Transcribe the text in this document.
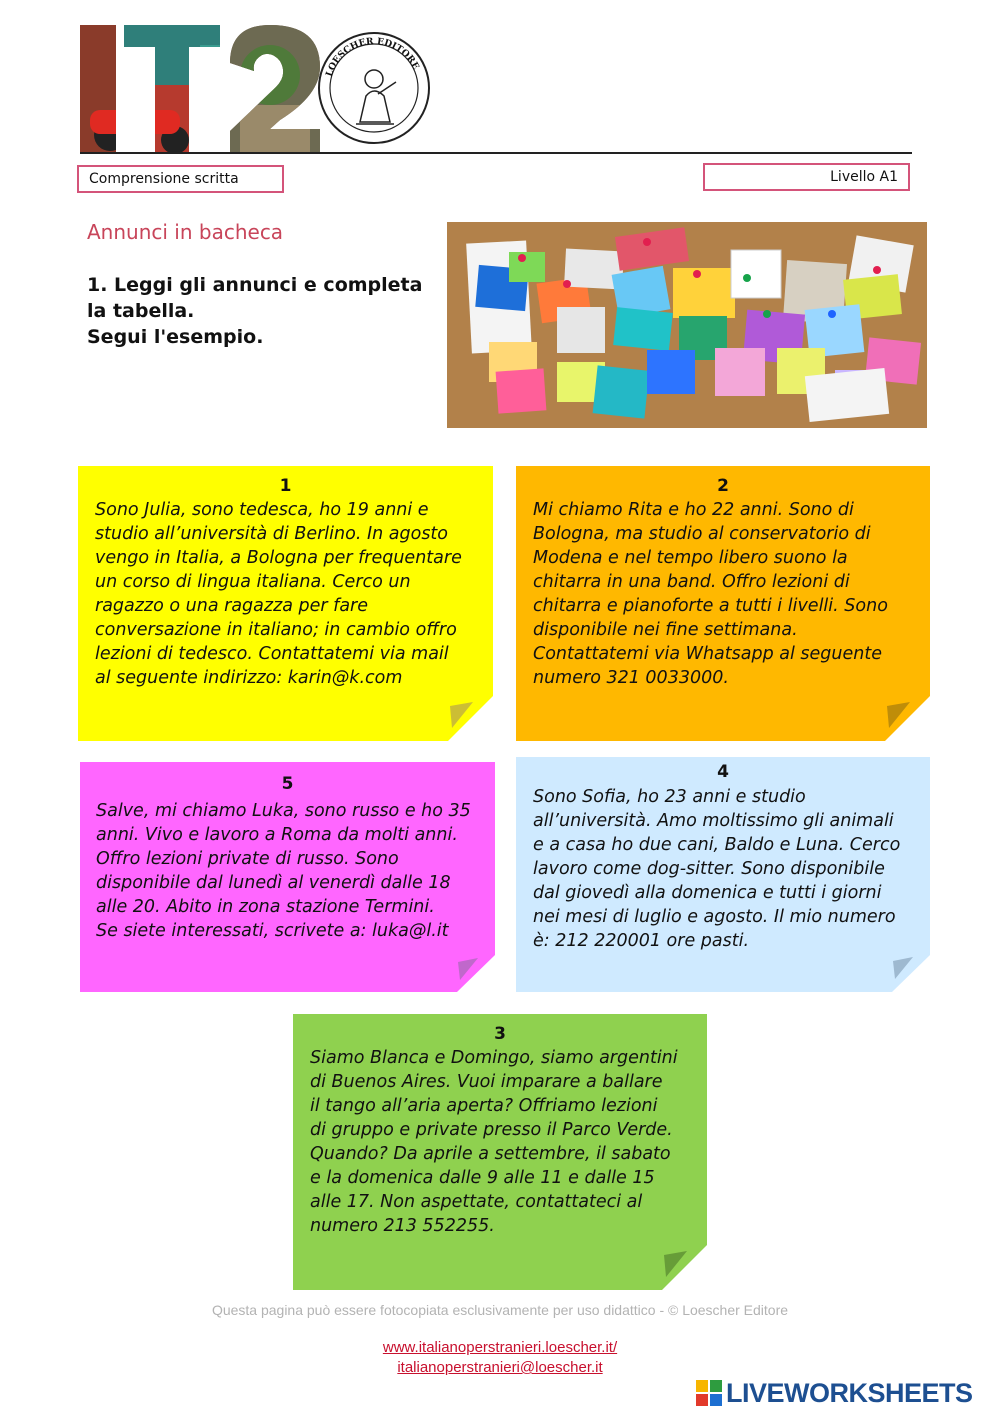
LOESCHER EDITORE
Comprensione scritta	Livello A1
Annunci in bacheca
1. Leggi gli annunci e completa
la tabella.
Segui l'esempio.
1
Sono Julia, sono tedesca, ho 19 anni e
studio all’università di Berlino. In agosto
vengo in Italia, a Bologna per frequentare
un corso di lingua italiana. Cerco un
ragazzo o una ragazza per fare
conversazione in italiano; in cambio offro
lezioni di tedesco. Contattatemi via mail
al seguente indirizzo: karin@k.com
2
Mi chiamo Rita e ho 22 anni. Sono di
Bologna, ma studio al conservatorio di
Modena e nel tempo libero suono la
chitarra in una band. Offro lezioni di
chitarra e pianoforte a tutti i livelli. Sono
disponibile nei fine settimana.
Contattatemi via Whatsapp al seguente
numero 321 0033000.
5
Salve, mi chiamo Luka, sono russo e ho 35
anni. Vivo e lavoro a Roma da molti anni.
Offro lezioni private di russo. Sono
disponibile dal lunedì al venerdì dalle 18
alle 20. Abito in zona stazione Termini.
Se siete interessati, scrivete a: luka@l.it
4
Sono Sofia, ho 23 anni e studio
all’università. Amo moltissimo gli animali
e a casa ho due cani, Baldo e Luna. Cerco
lavoro come dog-sitter. Sono disponibile
dal giovedì alla domenica e tutti i giorni
nei mesi di luglio e agosto. Il mio numero
è: 212 220001 ore pasti.
3
Siamo Blanca e Domingo, siamo argentini
di Buenos Aires. Vuoi imparare a ballare
il tango all’aria aperta? Offriamo lezioni
di gruppo e private presso il Parco Verde.
Quando? Da aprile a settembre, il sabato
e la domenica dalle 9 alle 11 e dalle 15
alle 17. Non aspettate, contattateci al
numero 213 552255.
Questa pagina può essere fotocopiata esclusivamente per uso didattico - © Loescher Editore
www.italianoperstranieri.loescher.it/
italianoperstranieri@loescher.it
LIVEWORKSHEETS
